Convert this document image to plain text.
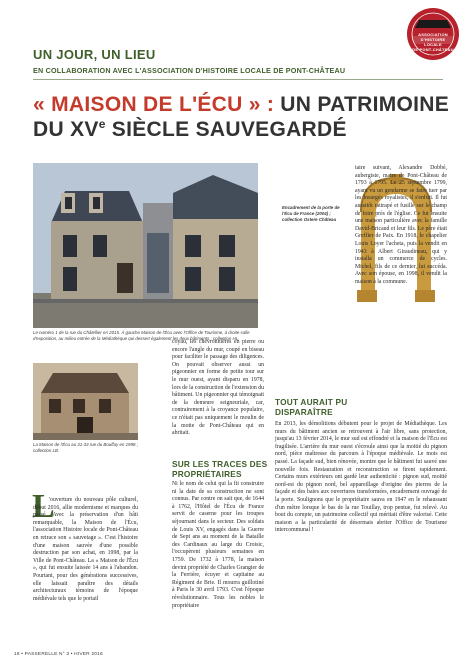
ASSOCIATION
D'HISTOIRE
LOCALE
DE PONT-CHÂTEAU
UN JOUR, UN LIEU
EN COLLABORATION AVEC L'ASSOCIATION D'HISTOIRE LOCALE DE PONT-CHÂTEAU
« MAISON DE L'ÉCU » : UN PATRIMOINE
DU XVe SIÈCLE SAUVEGARDÉ
Le numéro 1 de la rue du Châtellier en 2015. À gauche Maison de l'Écu avec l'Office de Tourisme, à droite salle d'exposition, au milieu entrée de la Médiathèque qui dessert également les deux bâtiments ; collection HL.
Encadrement de la porte de l'Écu de France (2004) ; collection Ostere Château
La Maison de l'Écu au 31-33 rue du Bouffay en 1998 ; collection LB.
L
'ouverture du nouveau pôle culturel, début 2016, allie modernisme et marques du passé. Avec la préservation d'un bâti remarquable, la Maison de l'Écu, l'association Histoire locale de Pont-Château en retrace son « sauvetage ». C'est l'histoire d'une maison sauvée d'une possible destruction par son achat, en 1998, par la Ville de Pont-Château. La « Maison de l'Écu », qui fut ensuite laissée 14 ans à l'abandon. Pourtant, pour des générations successives, elle laissait paraître des détails architecturaux témoins de l'époque médiévale tels que le portail
coyau, les chevronnières en pierre ou encore l'angle du mur, coupé en biseau pour faciliter le passage des diligences. On pouvait observer aussi un pigeonnier en forme de petite tour sur le mur ouest, ayant disparu en 1978, lors de la construction de l'extension du bâtiment. Un pigeonnier qui témoignait de la demeure seigneuriale, car, contrairement à la croyance populaire, ce n'était pas uniquement le moulin de la motte de Pont-Château qui en abritait.
SUR LES TRACES DES PROPRIÉTAIRES
Ni le nom de celui qui la fit construire ni la date de sa construction ne sont connus. Par contre on sait que, de 1644 à 1762, l'Hôtel de l'Écu de France servit de caserne pour les troupes séjournant dans le secteur. Des soldats de Louis XV, engagés dans la Guerre de Sept ans au moment de la Bataille des Cardinaux au large du Croisic, l'occupèrent plusieurs semaines en 1759. De 1732 à 1778, la maison devint propriété de Charles Grangier de la Ferrière, écuyer et capitaine au Régiment de Brie. Il mourra guillotiné à Paris le 30 avril 1793. C'est l'époque révolutionnaire. Tous les nobles le propriétaire
taire suivant, Alexandre Dobbé, aubergiste, maire de Pont-Château de 1793 à 1795. Le 25 septembre 1799, ayant vu un gendarme se faire tuer par les Insurgés royalistes, il s'enfuit. Il fut aussitôt rattrapé et fusillé sur le champ de foire près de l'église. Ce fut ensuite une maison particulière avec la famille David-Bricaud et leur fils. Le père était Greffier de Paix. En 1918, le chapelier Louis Loyer l'acheta, puis la vendit en 1943 à Albert Giraudineau, qui y installa un commerce de cycles. Michel, fils de ce dernier, lui succéda. Avec son épouse, en 1998, il vendit la maison à la commune.
TOUT AURAIT PU DISPARAÎTRE
En 2013, les démolitions débutent pour le projet de Médiathèque. Les murs du bâtiment ancien se retrouvent à l'air libre, sans protection, jusqu'au 13 février 2014, le mur sud est effondré et la maison de l'Écu est fragilisée. L'arrière du mur ouest s'écroule ainsi que la moitié du pignon nord, pièce maîtresse du parcours à l'époque médiévale. Le mois est passé. La façade sud, bien rénovée, montre que le bâtiment fut sauvé une nouvelle fois. Restauration et reconstruction se firent rapidement. Certains murs extérieurs ont gardé leur authenticité : pignon sud, moitié nord-est du pignon nord, bel appareillage d'origine des pierres de la façade et des baies aux ouvertures transformées, encadrement ouvragé de la porte. Soulignons que le propriétaire sauva en 1947 en le rehaussant d'un mètre lorsque le bas de la rue Touillay, trop pentue, fut relevé. Au bout du compte, un patrimoine collectif qui méritait d'être valorisé. Cette maison a la particularité de désormais abriter l'Office de Tourisme intercommunal !
18 • PASSERELLE N° 3 • HIVER 2016
